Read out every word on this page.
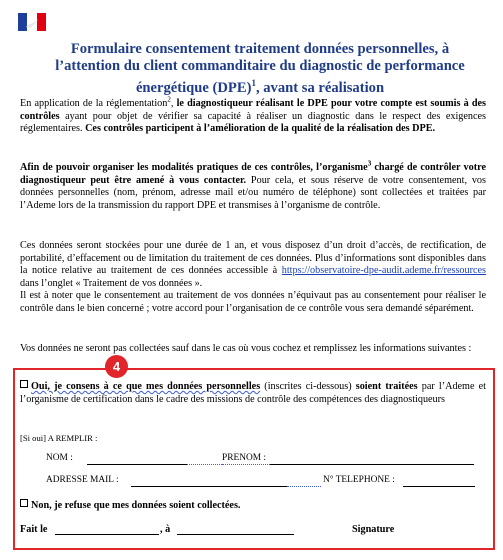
Formulaire consentement traitement données personnelles, à
l’attention du client commanditaire du diagnostic de performance
énergétique (DPE)$^1$, avant sa réalisation
En application de la réglementation$^2$, le diagnostiqueur réalisant le DPE pour votre compte est soumis à des contrôles ayant pour objet de vérifier sa capacité à réaliser un diagnostic dans le respect des exigences réglementaires. Ces contrôles participent à l’amélioration de la qualité de la réalisation des DPE.
Afin de pouvoir organiser les modalités pratiques de ces contrôles, l’organisme$^3$ chargé de contrôler votre diagnostiqueur peut être amené à vous contacter. Pour cela, et sous réserve de votre consentement, vos données personnelles (nom, prénom, adresse mail et/ou numéro de téléphone) sont collectées et traitées par l’Ademe lors de la transmission du rapport DPE et transmises à l’organisme de contrôle.
Ces données seront stockées pour une durée de 1 an, et vous disposez d’un droit d’accès, de rectification, de portabilité, d’effacement ou de limitation du traitement de ces données. Plus d’informations sont disponibles dans la notice relative au traitement de ces données accessible à https://observatoire-dpe-audit.ademe.fr/ressources dans l’onglet « Traitement de vos données ».
Il est à noter que le consentement au traitement de vos données n’équivaut pas au consentement pour réaliser le contrôle dans le bien concerné ; votre accord pour l’organisation de ce contrôle vous sera demandé séparément.
Vos données ne seront pas collectées sauf dans le cas où vous cochez et remplissez les informations suivantes :
4
Oui, je consens à ce que mes données personnelles (inscrites ci-dessous) soient traitées par l’Ademe et l’organisme de certification dans le cadre des missions de contrôle des compétences des diagnostiqueurs
[Si oui] A REMPLIR :
NOM :	PRENOM :
ADRESSE MAIL :	N° TELEPHONE :
Non, je refuse que mes données soient collectées.
Fait le	, à	Signature
